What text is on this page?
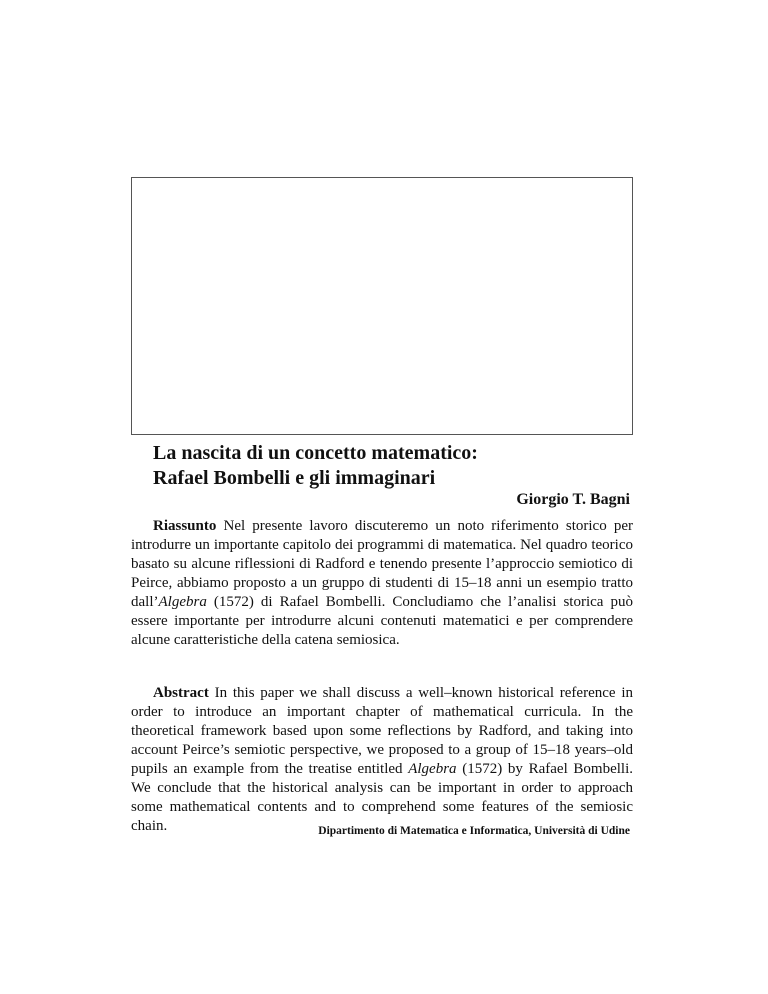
La nascita di un concetto matematico:
Rafael Bombelli e gli immaginari

Giorgio T. Bagni

Riassunto Nel presente lavoro discuteremo un noto riferimento storico per introdurre un importante capitolo dei programmi di matematica. Nel quadro teorico basato su alcune riflessioni di Radford e tenendo presente l’approccio semiotico di Peirce, abbiamo proposto a un gruppo di studenti di 15–18 anni un esempio tratto dall’Algebra (1572) di Rafael Bombelli. Concludiamo che l’analisi storica può essere importante per introdurre alcuni contenuti matematici e per comprendere alcune caratteristiche della catena semiosica.

Abstract In this paper we shall discuss a well–known historical reference in order to introduce an important chapter of mathematical curricula. In the theoretical framework based upon some reflections by Radford, and taking into account Peirce’s semiotic perspective, we proposed to a group of 15–18 years–old pupils an example from the treatise entitled Algebra (1572) by Rafael Bombelli. We conclude that the historical analysis can be important in order to approach some mathematical contents and to comprehend some features of the semiosic chain.	Dipartimento di Matematica e Informatica, Università di Udine
